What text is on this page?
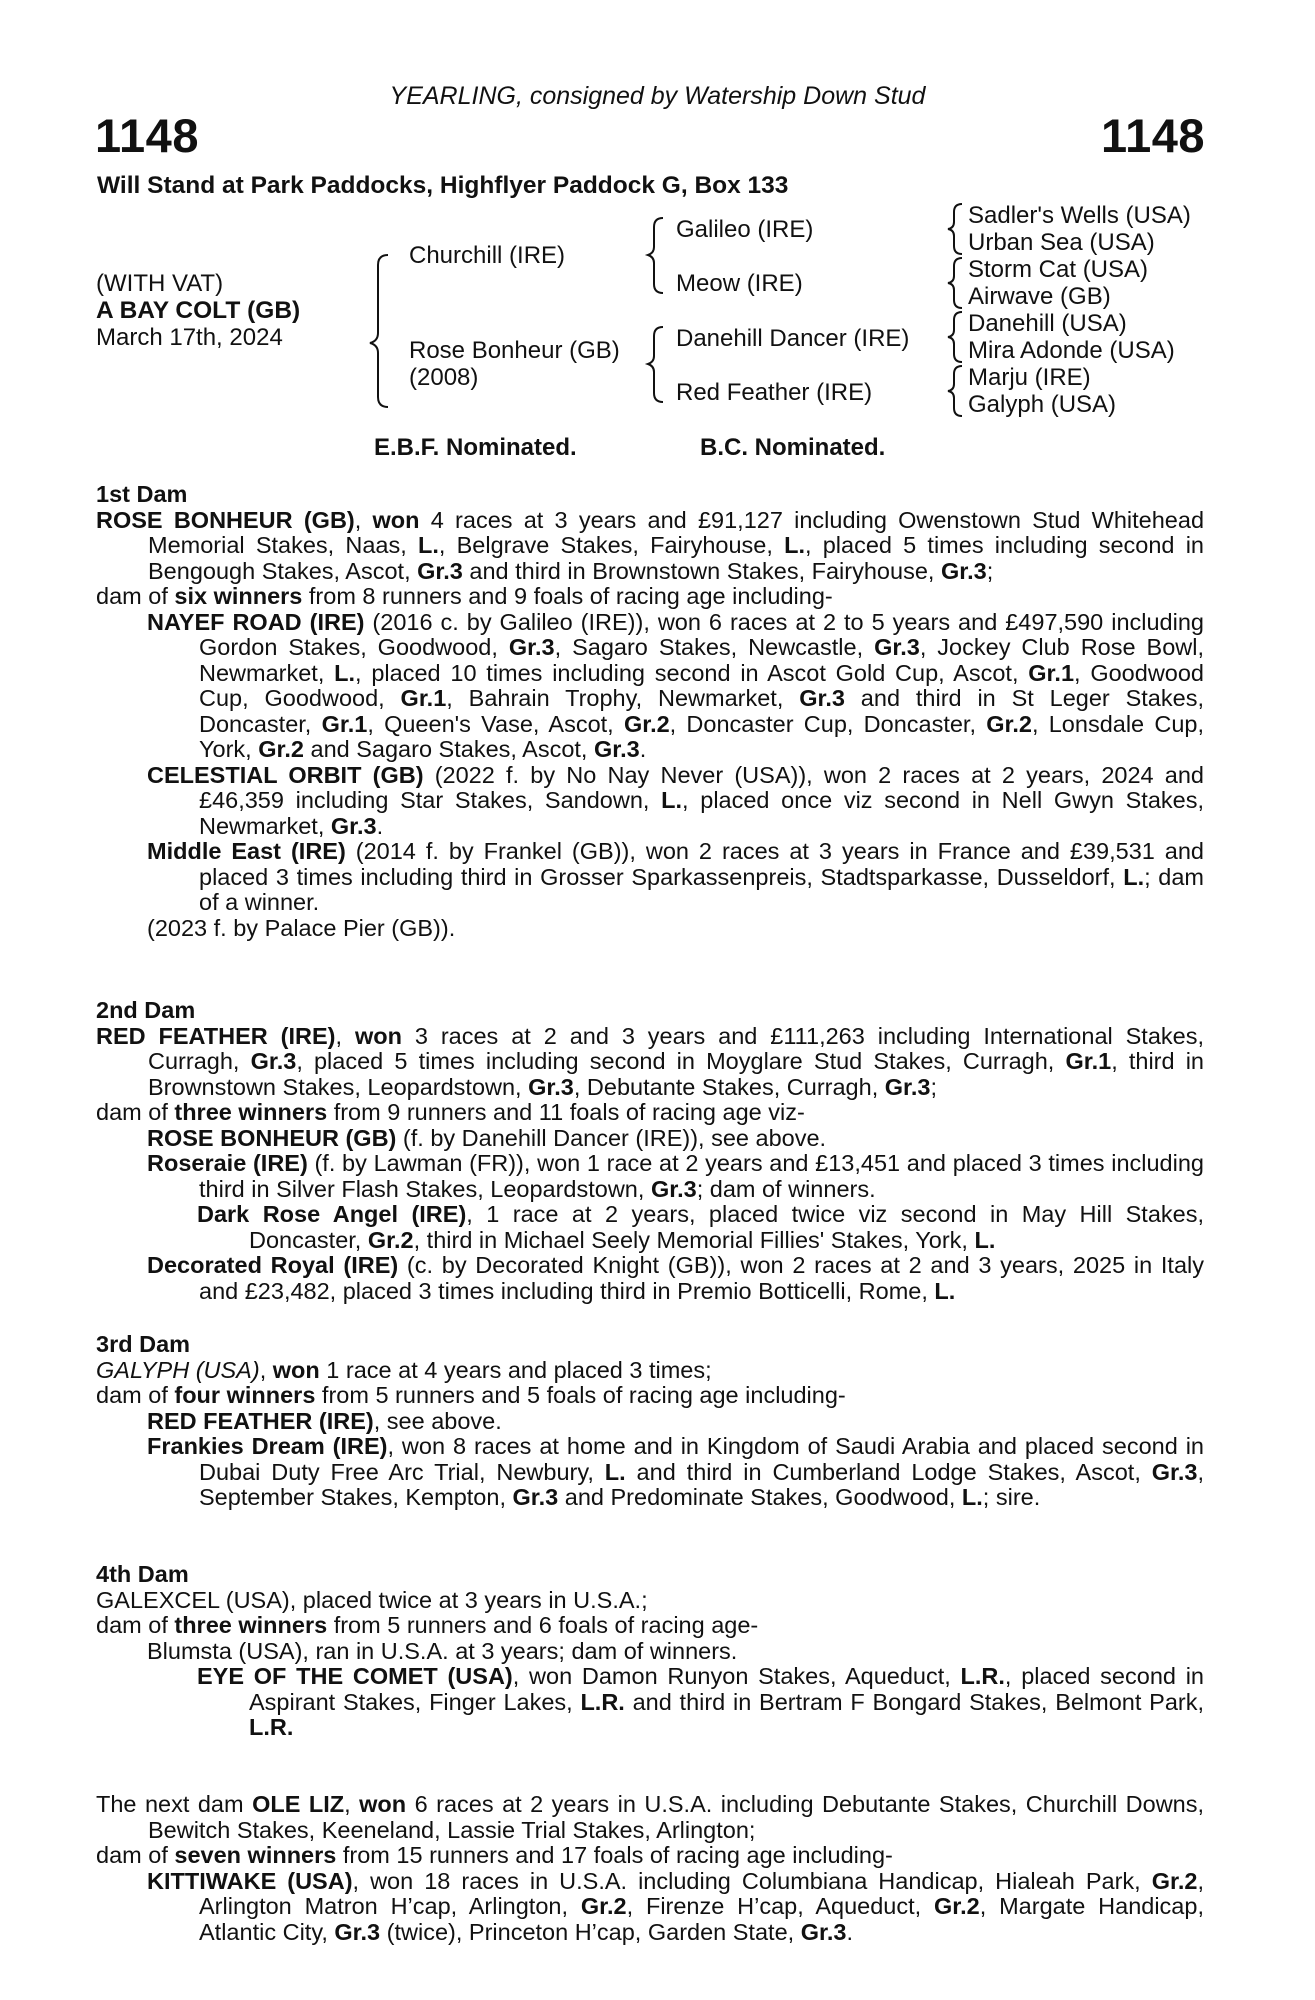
YEARLING, consigned by Watership Down Stud
1148	1148
Will Stand at Park Paddocks, Highflyer Paddock G, Box 133
(WITH VAT)
A BAY COLT (GB)
March 17th, 2024
Churchill (IRE)
Rose Bonheur (GB)
(2008)
Galileo (IRE)
Meow (IRE)
Danehill Dancer (IRE)
Red Feather (IRE)
Sadler's Wells (USA)
Urban Sea (USA)
Storm Cat (USA)
Airwave (GB)
Danehill (USA)
Mira Adonde (USA)
Marju (IRE)
Galyph (USA)
E.B.F. Nominated.	B.C. Nominated.
1st Dam

ROSE BONHEUR (GB), won 4 races at 3 years and £91,127 including Owenstown Stud Whitehead Memorial Stakes, Naas, L., Belgrave Stakes, Fairyhouse, L., placed 5 times including second in Bengough Stakes, Ascot, Gr.3 and third in Brownstown Stakes, Fairyhouse, Gr.3;

dam of six winners from 8 runners and 9 foals of racing age including-

NAYEF ROAD (IRE) (2016 c. by Galileo (IRE)), won 6 races at 2 to 5 years and £497,590 including Gordon Stakes, Goodwood, Gr.3, Sagaro Stakes, Newcastle, Gr.3, Jockey Club Rose Bowl, Newmarket, L., placed 10 times including second in Ascot Gold Cup, Ascot, Gr.1, Goodwood Cup, Goodwood, Gr.1, Bahrain Trophy, Newmarket, Gr.3 and third in St Leger Stakes, Doncaster, Gr.1, Queen's Vase, Ascot, Gr.2, Doncaster Cup, Doncaster, Gr.2, Lonsdale Cup, York, Gr.2 and Sagaro Stakes, Ascot, Gr.3.

CELESTIAL ORBIT (GB) (2022 f. by No Nay Never (USA)), won 2 races at 2 years, 2024 and £46,359 including Star Stakes, Sandown, L., placed once viz second in Nell Gwyn Stakes, Newmarket, Gr.3.

Middle East (IRE) (2014 f. by Frankel (GB)), won 2 races at 3 years in France and £39,531 and placed 3 times including third in Grosser Sparkassenpreis, Stadtsparkasse, Dusseldorf, L.; dam of a winner.

(2023 f. by Palace Pier (GB)).

2nd Dam

RED FEATHER (IRE), won 3 races at 2 and 3 years and £111,263 including International Stakes, Curragh, Gr.3, placed 5 times including second in Moyglare Stud Stakes, Curragh, Gr.1, third in Brownstown Stakes, Leopardstown, Gr.3, Debutante Stakes, Curragh, Gr.3;

dam of three winners from 9 runners and 11 foals of racing age viz-

ROSE BONHEUR (GB) (f. by Danehill Dancer (IRE)), see above.

Roseraie (IRE) (f. by Lawman (FR)), won 1 race at 2 years and £13,451 and placed 3 times including third in Silver Flash Stakes, Leopardstown, Gr.3; dam of winners.

Dark Rose Angel (IRE), 1 race at 2 years, placed twice viz second in May Hill Stakes, Doncaster, Gr.2, third in Michael Seely Memorial Fillies' Stakes, York, L.

Decorated Royal (IRE) (c. by Decorated Knight (GB)), won 2 races at 2 and 3 years, 2025 in Italy and £23,482, placed 3 times including third in Premio Botticelli, Rome, L.

3rd Dam

GALYPH (USA), won 1 race at 4 years and placed 3 times;

dam of four winners from 5 runners and 5 foals of racing age including-

RED FEATHER (IRE), see above.

Frankies Dream (IRE), won 8 races at home and in Kingdom of Saudi Arabia and placed second in Dubai Duty Free Arc Trial, Newbury, L. and third in Cumberland Lodge Stakes, Ascot, Gr.3, September Stakes, Kempton, Gr.3 and Predominate Stakes, Goodwood, L.; sire.

4th Dam

GALEXCEL (USA), placed twice at 3 years in U.S.A.;

dam of three winners from 5 runners and 6 foals of racing age-

Blumsta (USA), ran in U.S.A. at 3 years; dam of winners.

EYE OF THE COMET (USA), won Damon Runyon Stakes, Aqueduct, L.R., placed second in Aspirant Stakes, Finger Lakes, L.R. and third in Bertram F Bongard Stakes, Belmont Park, L.R.

The next dam OLE LIZ, won 6 races at 2 years in U.S.A. including Debutante Stakes, Churchill Downs, Bewitch Stakes, Keeneland, Lassie Trial Stakes, Arlington;

dam of seven winners from 15 runners and 17 foals of racing age including-

KITTIWAKE (USA), won 18 races in U.S.A. including Columbiana Handicap, Hialeah Park, Gr.2, Arlington Matron H’cap, Arlington, Gr.2, Firenze H’cap, Aqueduct, Gr.2, Margate Handicap, Atlantic City, Gr.3 (twice), Princeton H’cap, Garden State, Gr.3.
